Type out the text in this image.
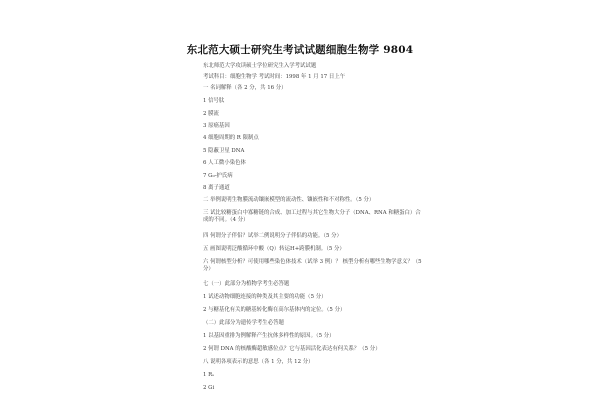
东北范大硕士研究生考试试题细胞生物学 9804
东北师范大学攻读硕士学位研究生入学考试试题
考试科目：细胞生物学 考试时间：1998 年 1 月 17 日上午
一 名词解释（各 2 分，共 16 分）
1 信号肽
2 膜流
3 原癌基因
4 细胞周期的 R 限制点
5 隐蔽卫星 DNA
6 人工微小染色体
7 G₀-护氏病
8 离子通道
二 举例说明生物膜流动镶嵌模型的流动性、镶嵌性和不对称性。（5 分）
三 试比较糖蛋白中寡糖链的合成、加工过程与其它生物大分子（DNA、RNA 和糖蛋白）合成的不同。（4 分）
四 何谓分子伴侣？试举二例说明分子伴侣的功能。（5 分）
五 画图说明泛酸循环中酸（Q）转运H+跨膜机制。（5 分）
六 何谓核型分析？可使用哪些染色体技术（试举 3 例）？ 核型分析有哪些生物学意义？（5 分）
七（一）此部分为植物学考生必答题
1 试述动物细胞连接的种类及其主要的功能（5 分）
2 与糖基化有关的糖基转化酶在高尔基体内的定位。（5 分）
（二）此部分为遗传学考生必答题
1 以基因重排为例解释产生抗体多样性的原因。（5 分）
2 何谓 DNA 的核酸酶超敏感位点？它与基因活化表达有何关系？（5 分）
八 说明各项表示的意思（各 1 分，共 12 分）
1 Rₛ
2 Gi
